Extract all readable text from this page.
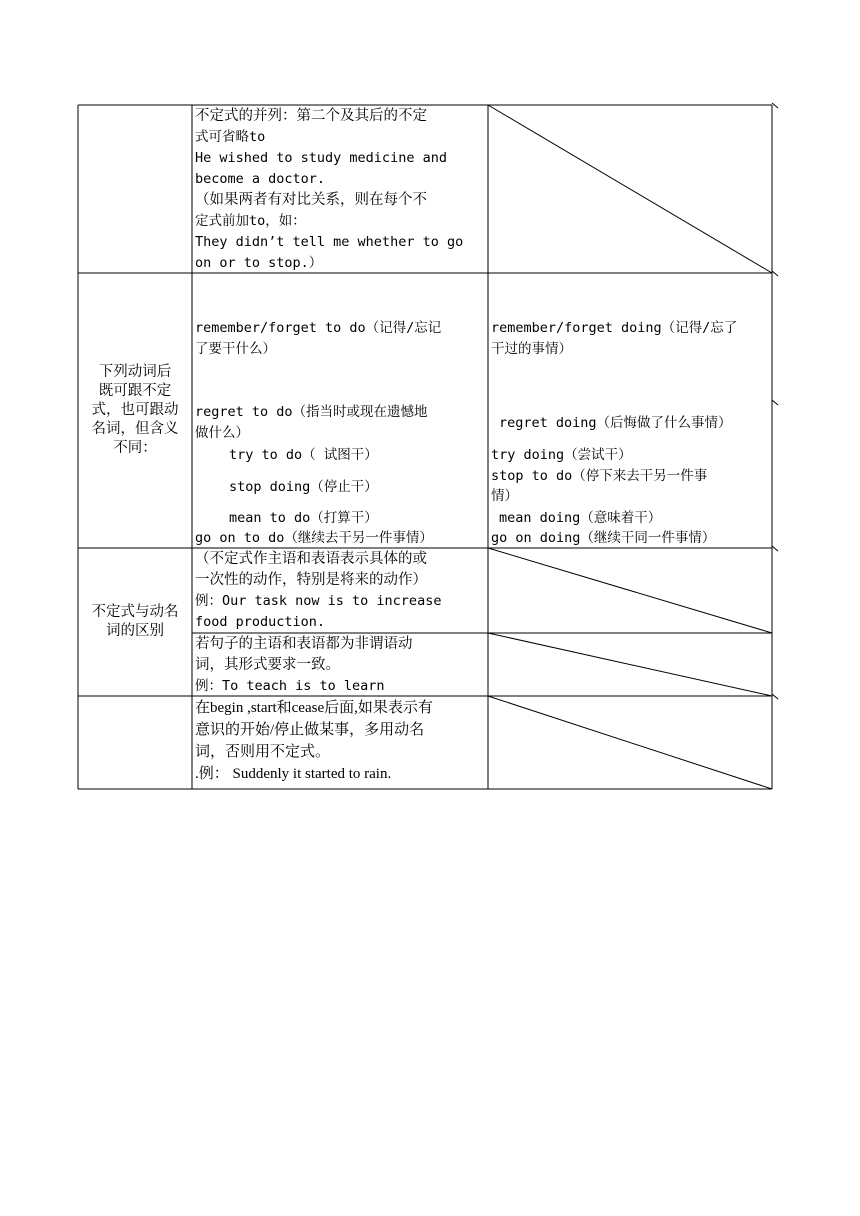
不定式的并列：第二个及其后的不定
式可省略to
He wished to study medicine and
become a doctor.
（如果两者有对比关系，则在每个不
定式前加to，如：
They didn’t tell me whether to go
on or to stop.）
下列动词后
既可跟不定
式，也可跟动
名词，但含义
不同：
remember/forget to do（记得/忘记
了要干什么）
regret to do（指当时或现在遗憾地
做什么）
try to do（ 试图干）
stop doing（停止干）
mean to do（打算干）
go on to do（继续去干另一件事情）
remember/forget doing（记得/忘了
干过的事情）
regret doing（后悔做了什么事情）
try doing（尝试干）
stop to do（停下来去干另一件事
情）
mean doing（意味着干）
go on doing（继续干同一件事情）
不定式与动名
词的区别
（不定式作主语和表语表示具体的或
一次性的动作，特别是将来的动作）
例：Our task now is to increase
food production.
若句子的主语和表语都为非谓语动
词，其形式要求一致。
例：To teach is to learn
在begin ,start和cease后面,如果表示有
意识的开始/停止做某事，多用动名
词，否则用不定式。
.例： Suddenly it started to rain.
